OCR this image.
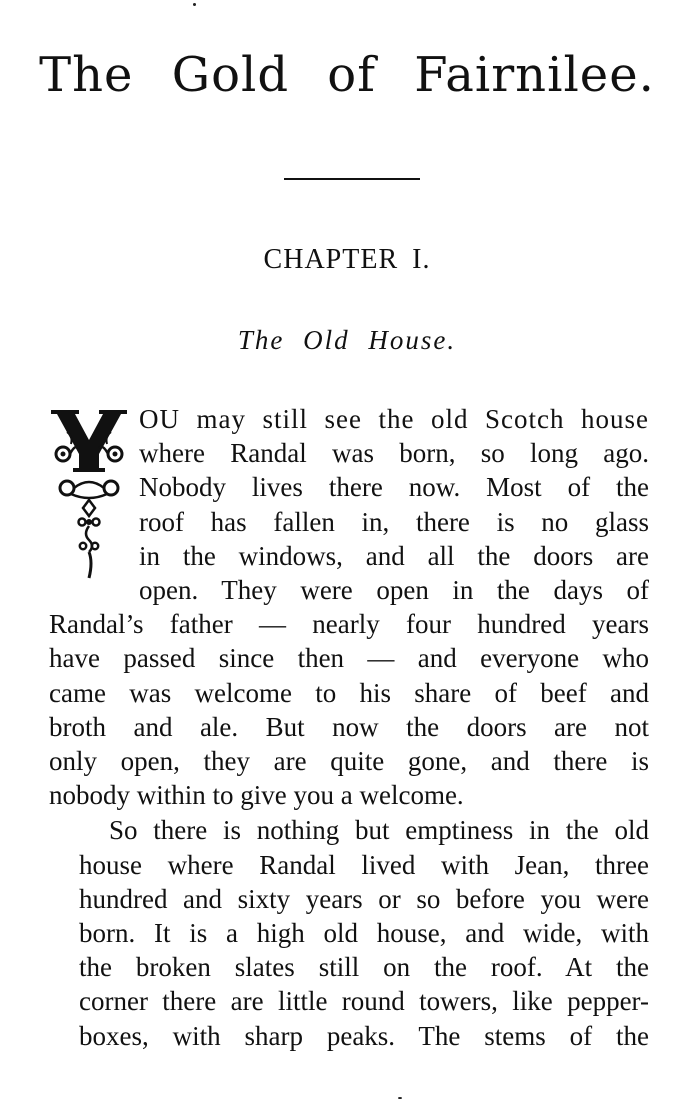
The Gold of Fairnilee.
CHAPTER I.
The Old House.

OU may still see the old Scotch house
where Randal was born, so long ago.
Nobody lives there now. Most of the
roof has fallen in, there is no glass
in the windows, and all the doors are
open. They were open in the days of
Randal’s father — nearly four hundred years
have passed since then — and everyone who
came was welcome to his share of beef and
broth and ale. But now the doors are not
only open, they are quite gone, and there is
nobody within to give you a welcome.

So there is nothing but emptiness in the old
house where Randal lived with Jean, three
hundred and sixty years or so before you were
born. It is a high old house, and wide, with
the broken slates still on the roof. At the
corner there are little round towers, like pepper-
boxes, with sharp peaks. The stems of the
